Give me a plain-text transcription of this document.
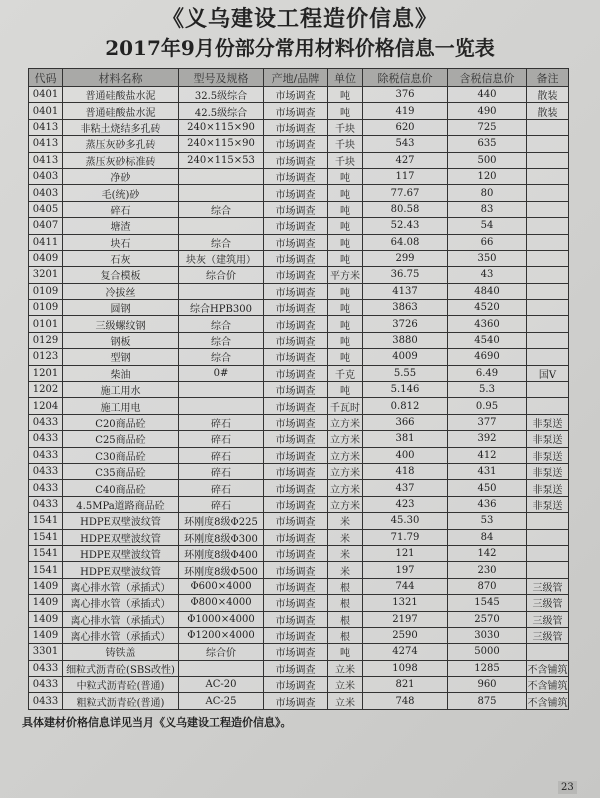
《义乌建设工程造价信息》
2017年9月份部分常用材料价格信息一览表
代码	材料名称	型号及规格	产地/品牌	单位	除税信息价	含税信息价	备注
0401	普通硅酸盐水泥	32.5级综合	市场调查	吨	376	440	散装
0401	普通硅酸盐水泥	42.5级综合	市场调查	吨	419	490	散装
0413	非粘土烧结多孔砖	240×115×90	市场调查	千块	620	725	
0413	蒸压灰砂多孔砖	240×115×90	市场调查	千块	543	635	
0413	蒸压灰砂标准砖	240×115×53	市场调查	千块	427	500	
0403	净砂		市场调查	吨	117	120	
0403	毛(统)砂		市场调查	吨	77.67	80	
0405	碎石	综合	市场调查	吨	80.58	83	
0407	塘渣		市场调查	吨	52.43	54	
0411	块石	综合	市场调查	吨	64.08	66	
0409	石灰	块灰（建筑用）	市场调查	吨	299	350	
3201	复合模板	综合价	市场调查	平方米	36.75	43	
0109	冷拔丝		市场调查	吨	4137	4840	
0109	圆钢	综合HPB300	市场调查	吨	3863	4520	
0101	三级螺纹钢	综合	市场调查	吨	3726	4360	
0129	钢板	综合	市场调查	吨	3880	4540	
0123	型钢	综合	市场调查	吨	4009	4690	
1201	柴油	0#	市场调查	千克	5.55	6.49	国V
1202	施工用水		市场调查	吨	5.146	5.3	
1204	施工用电		市场调查	千瓦时	0.812	0.95	
0433	C20商品砼	碎石	市场调查	立方米	366	377	非泵送
0433	C25商品砼	碎石	市场调查	立方米	381	392	非泵送
0433	C30商品砼	碎石	市场调查	立方米	400	412	非泵送
0433	C35商品砼	碎石	市场调查	立方米	418	431	非泵送
0433	C40商品砼	碎石	市场调查	立方米	437	450	非泵送
0433	4.5MPa道路商品砼	碎石	市场调查	立方米	423	436	非泵送
1541	HDPE双壁波纹管	环刚度8级Φ225	市场调查	米	45.30	53	
1541	HDPE双壁波纹管	环刚度8级Φ300	市场调查	米	71.79	84	
1541	HDPE双壁波纹管	环刚度8级Φ400	市场调查	米	121	142	
1541	HDPE双壁波纹管	环刚度8级Φ500	市场调查	米	197	230	
1409	离心排水管（承插式）	Φ600×4000	市场调查	根	744	870	三级管
1409	离心排水管（承插式）	Φ800×4000	市场调查	根	1321	1545	三级管
1409	离心排水管（承插式）	Φ1000×4000	市场调查	根	2197	2570	三级管
1409	离心排水管（承插式）	Φ1200×4000	市场调查	根	2590	3030	三级管
3301	铸铁盖	综合价	市场调查	吨	4274	5000	
0433	细粒式沥青砼(SBS改性)		市场调查	立米	1098	1285	不含铺筑
0433	中粒式沥青砼(普通)	AC-20	市场调查	立米	821	960	不含铺筑
0433	粗粒式沥青砼(普通)	AC-25	市场调查	立米	748	875	不含铺筑
具体建材价格信息详见当月《义乌建设工程造价信息》。
23
